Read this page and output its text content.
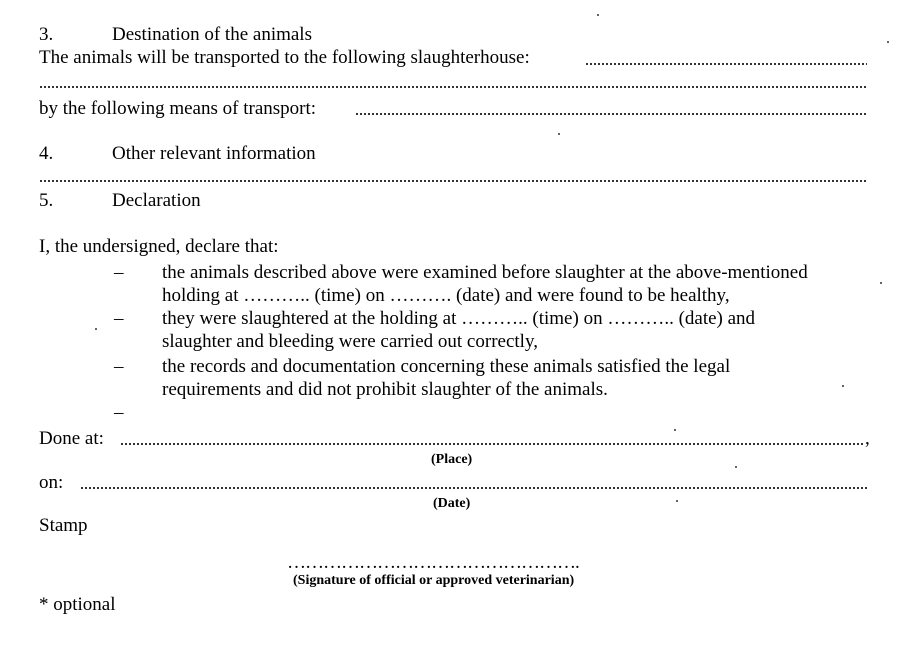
3.	Destination of the animals
The animals will be transported to the following slaughterhouse:
by the following means of transport:
4.	Other relevant information
5.	Declaration
I, the undersigned, declare that:
– the animals described above were examined before slaughter at the above-mentioned
holding at ……….. (time) on ………. (date) and were found to be healthy,
– they were slaughtered at the holding at ……….. (time) on ……….. (date) and
slaughter and bleeding were carried out correctly,
– the records and documentation concerning these animals satisfied the legal
requirements and did not prohibit slaughter of the animals.
–
Done at:	,
(Place)
on:
(Date)
Stamp
………………………………………….
(Signature of official or approved veterinarian)
* optional
